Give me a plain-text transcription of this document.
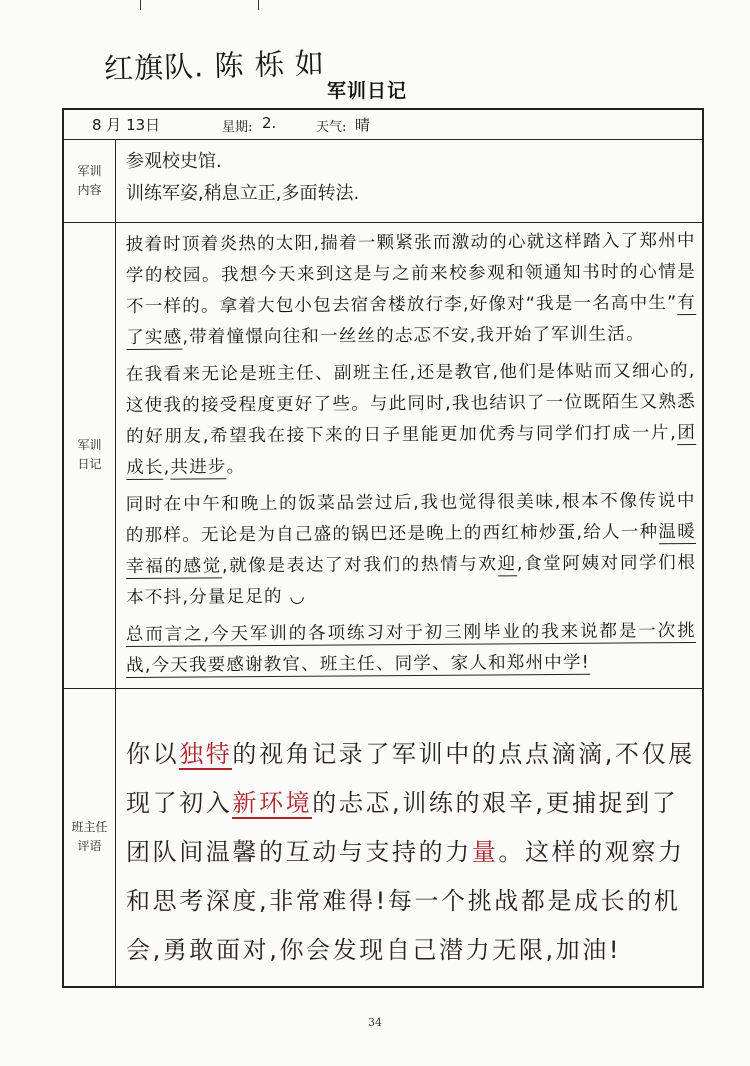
红旗队. 陈 栎 如
军训日记
8 月 13日	星期: 2.	天气: 晴
军训
内容
军训
日记
班主任
评语
参观校史馆.
训练军姿,稍息立正,多面转法.

披着时顶着炎热的太阳,揣着一颗紧张而激动的心就这样踏入了郑州中学的校园。我想今天来到这是与之前来校参观和领通知书时的心情是不一样的。拿着大包小包去宿舍楼放行李,好像对“我是一名高中生”有了实感,带着憧憬向往和一丝丝的忐忑不安,我开始了军训生活。

在我看来无论是班主任、副班主任,还是教官,他们是体贴而又细心的,这使我的接受程度更好了些。与此同时,我也结识了一位既陌生又熟悉的好朋友,希望我在接下来的日子里能更加优秀与同学们打成一片,团成长,共进步。

同时在中午和晚上的饭菜品尝过后,我也觉得很美味,根本不像传说中的那样。无论是为自己盛的锅巴还是晚上的西红柿炒蛋,给人一种温暖幸福的感觉,就像是表达了对我们的热情与欢迎,食堂阿姨对同学们根本不抖,分量足足的 ◡

总而言之,今天军训的各项练习对于初三刚毕业的我来说都是一次挑战,今天我要感谢教官、班主任、同学、家人和郑州中学!

你以独特的视角记录了军训中的点点滴滴,不仅展现了初入新环境的忐忑,训练的艰辛,更捕捉到了团队间温馨的互动与支持的力量。这样的观察力和思考深度,非常难得!每一个挑战都是成长的机会,勇敢面对,你会发现自己潜力无限,加油!
34
